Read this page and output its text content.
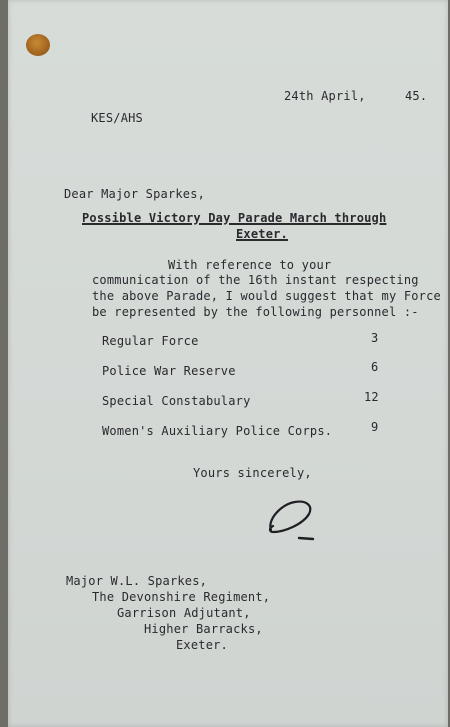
24th April,	45.
KES/AHS
Dear Major Sparkes,
Possible Victory Day Parade March through
Exeter.
With reference to your
communication of the 16th instant respecting
the above Parade, I would suggest that my Force
be represented by the following personnel :-
Regular Force	3
Police War Reserve	6
Special Constabulary	12
Women's Auxiliary Police Corps.	9
Yours sincerely,
Major W.L. Sparkes,
The Devonshire Regiment,
Garrison Adjutant,
Higher Barracks,
Exeter.
